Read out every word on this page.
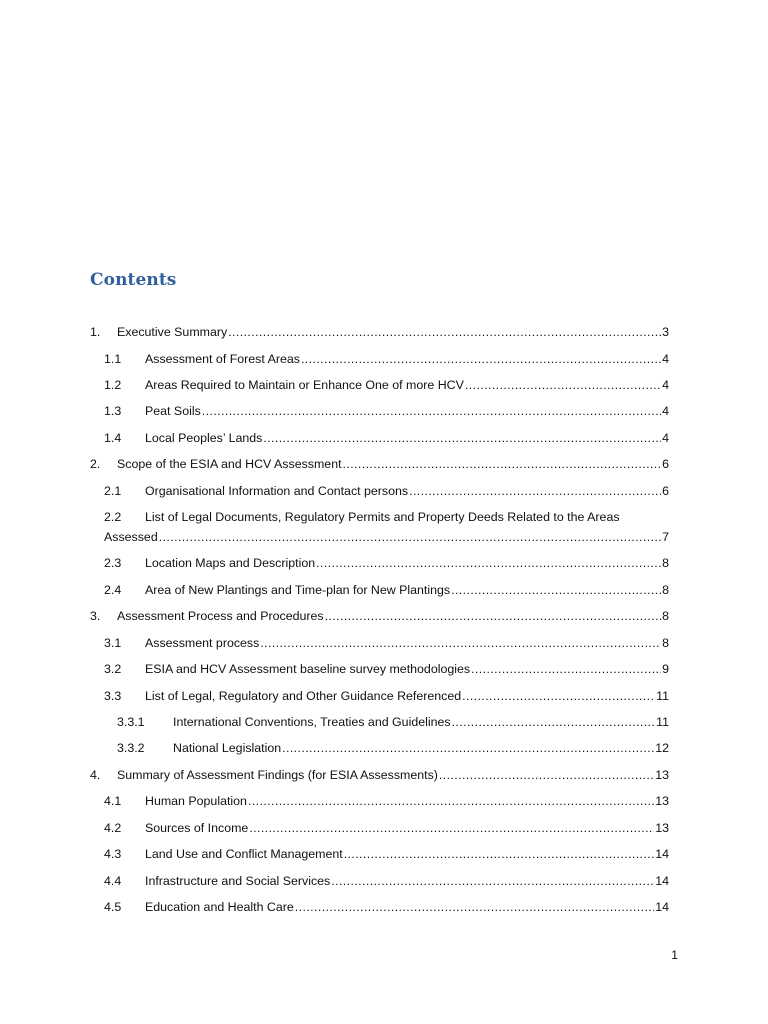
Contents
1.	Executive Summary .....	3
1.1	Assessment of Forest Areas .....	4
1.2	Areas Required to Maintain or Enhance One of more HCV .....	4
1.3	Peat Soils .....	4
1.4	Local Peoples’ Lands .....	4
2.	Scope of the ESIA and HCV Assessment .....	6
2.1	Organisational Information and Contact persons .....	6
2.2 List of Legal Documents, Regulatory Permits and Property Deeds Related to the Areas
Assessed .....	7
2.3	Location Maps and Description .....	8
2.4	Area of New Plantings and Time-plan for New Plantings .....	8
3.	Assessment Process and Procedures .....	8
3.1	Assessment process .....	8
3.2	ESIA and HCV Assessment baseline survey methodologies .....	9
3.3	List of Legal, Regulatory and Other Guidance Referenced .....	11
3.3.1	International Conventions, Treaties and Guidelines .....	11
3.3.2	National Legislation .....	12
4.	Summary of Assessment Findings (for ESIA Assessments) .....	13
4.1	Human Population .....	13
4.2	Sources of Income .....	13
4.3	Land Use and Conflict Management .....	14
4.4	Infrastructure and Social Services .....	14
4.5	Education and Health Care .....	14
1
